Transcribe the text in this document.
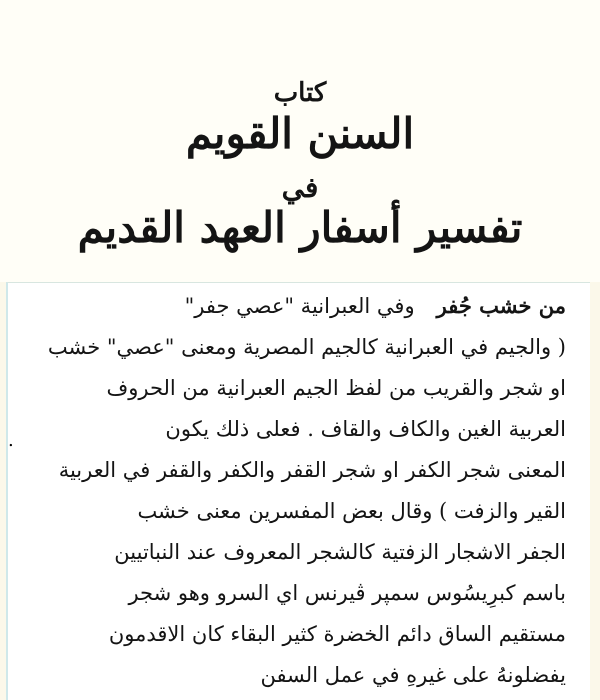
كتاب
السنن القويم
في
تفسير أسفار العهد القديم
من خشب جُفروفي العبرانية "عصي جفر"
( والجيم في العبرانية كالجيم المصرية ومعنى "عصي" خشب
او شجر والقريب من لفظ الجيم العبرانية من الحروف
العربية الغين والكاف والقاف . فعلى ذلك يكون
المعنى شجر الكفر او شجر القفر والكفر والقفر في العربية
القير والزفت ) وقال بعض المفسرين معنى خشب
الجفر الاشجار الزفتية كالشجر المعروف عند النباتيين
باسم كبرِيسُوس سمپر ڤيرنس اي السرو وهو شجر
مستقيم الساق دائم الخضرة كثير البقاء كان الاقدمون
يفضلونهُ على غيرهِ في عمل السفن
.
